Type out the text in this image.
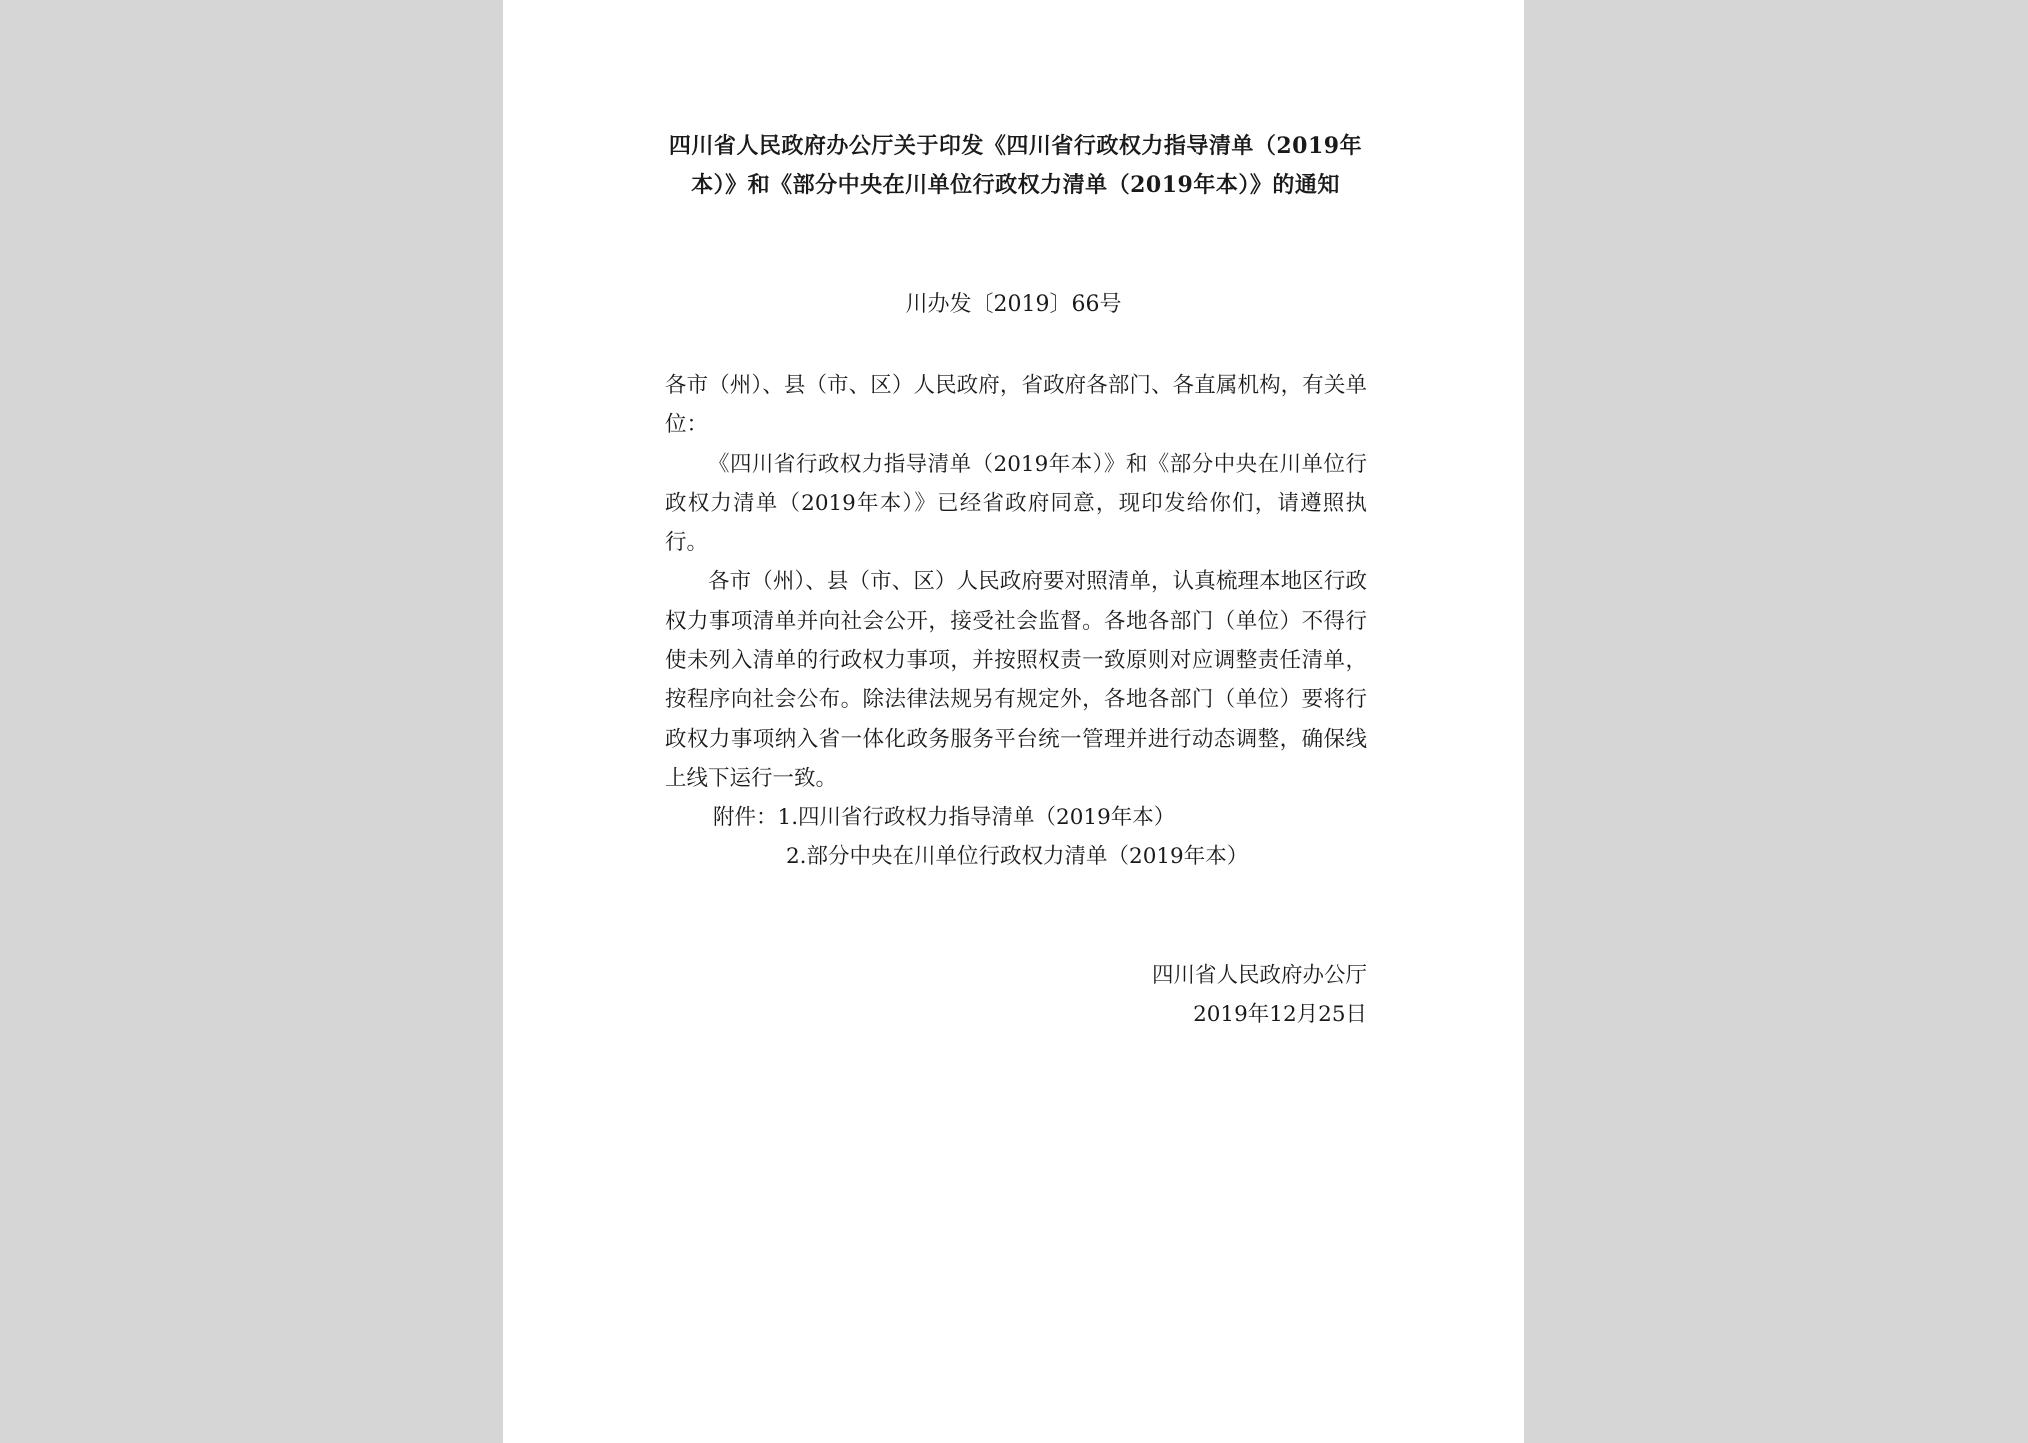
四川省人民政府办公厅关于印发《四川省行政权力指导清单（2019年本）》和《部分中央在川单位行政权力清单（2019年本）》的通知
川办发〔2019〕66号

各市（州）、县（市、区）人民政府，省政府各部门、各直属机构，有关单位：

《四川省行政权力指导清单（2019年本）》和《部分中央在川单位行政权力清单（2019年本）》已经省政府同意，现印发给你们，请遵照执行。

各市（州）、县（市、区）人民政府要对照清单，认真梳理本地区行政权力事项清单并向社会公开，接受社会监督。各地各部门（单位）不得行使未列入清单的行政权力事项，并按照权责一致原则对应调整责任清单，按程序向社会公布。除法律法规另有规定外，各地各部门（单位）要将行政权力事项纳入省一体化政务服务平台统一管理并进行动态调整，确保线上线下运行一致。

附件：1.四川省行政权力指导清单（2019年本）
2.部分中央在川单位行政权力清单（2019年本）
四川省人民政府办公厅
2019年12月25日
